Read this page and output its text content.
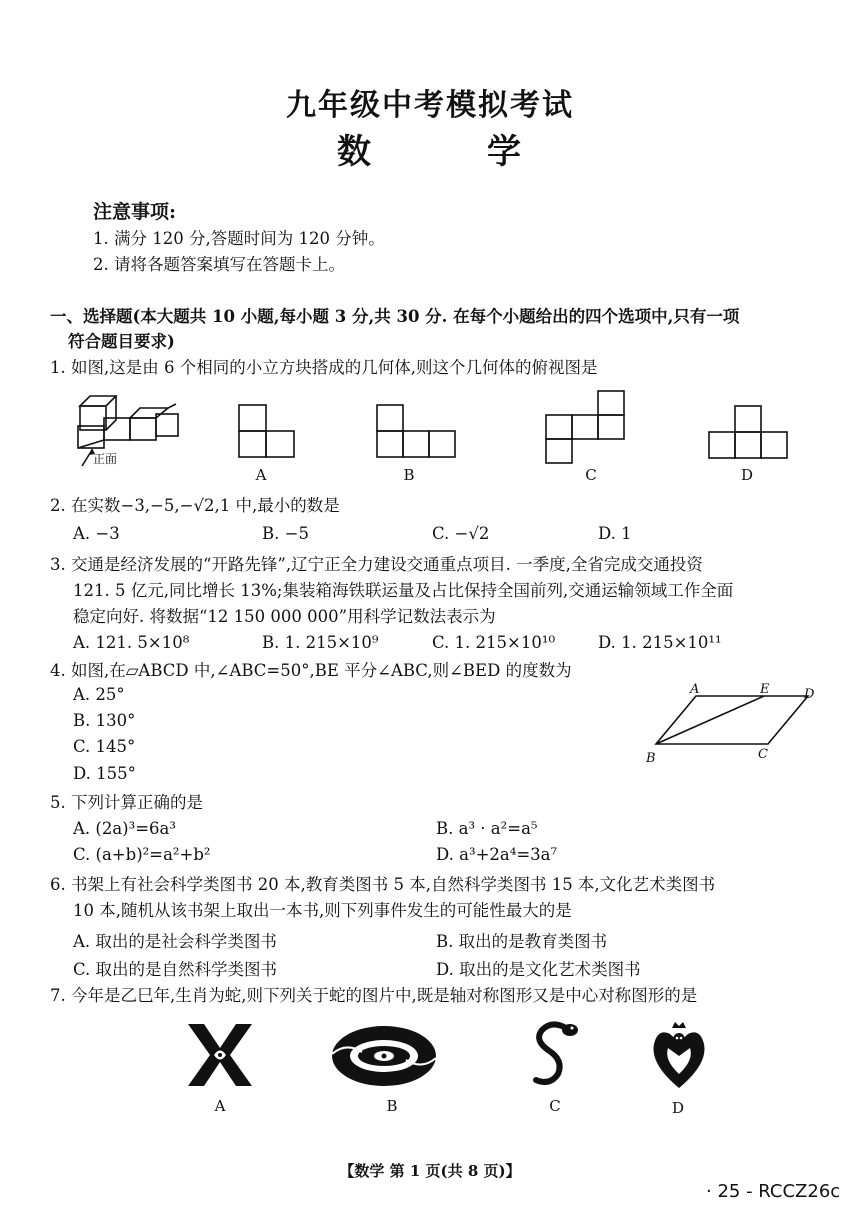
九年级中考模拟考试
数	学
注意事项:
1. 满分 120 分,答题时间为 120 分钟。
2. 请将各题答案填写在答题卡上。
一、选择题(本大题共 10 小题,每小题 3 分,共 30 分. 在每个小题给出的四个选项中,只有一项
符合题目要求)
1. 如图,这是由 6 个相同的小立方块搭成的几何体,则这个几何体的俯视图是
正面
A	B	C	D
2. 在实数−3,−5,−√2,1 中,最小的数是
A. −3	B. −5	C. −√2	D. 1
3. 交通是经济发展的“开路先锋”,辽宁正全力建设交通重点项目. 一季度,全省完成交通投资
121. 5 亿元,同比增长 13%;集装箱海铁联运量及占比保持全国前列,交通运输领域工作全面
稳定向好. 将数据“12 150 000 000”用科学记数法表示为
A. 121. 5×10⁸	B. 1. 215×10⁹	C. 1. 215×10¹⁰	D. 1. 215×10¹¹
4. 如图,在▱ABCD 中,∠ABC=50°,BE 平分∠ABC,则∠BED 的度数为
A. 25°
B. 130°
C. 145°
D. 155°
A	E	D
B	C
5. 下列计算正确的是
A. (2a)³=6a³	B. a³ · a²=a⁵
C. (a+b)²=a²+b²	D. a³+2a⁴=3a⁷
6. 书架上有社会科学类图书 20 本,教育类图书 5 本,自然科学类图书 15 本,文化艺术类图书
10 本,随机从该书架上取出一本书,则下列事件发生的可能性最大的是
A. 取出的是社会科学类图书	B. 取出的是教育类图书
C. 取出的是自然科学类图书	D. 取出的是文化艺术类图书
7. 今年是乙巳年,生肖为蛇,则下列关于蛇的图片中,既是轴对称图形又是中心对称图形的是
A	B	C	D
【数学 第 1 页(共 8 页)】
· 25 - RCCZ26c
